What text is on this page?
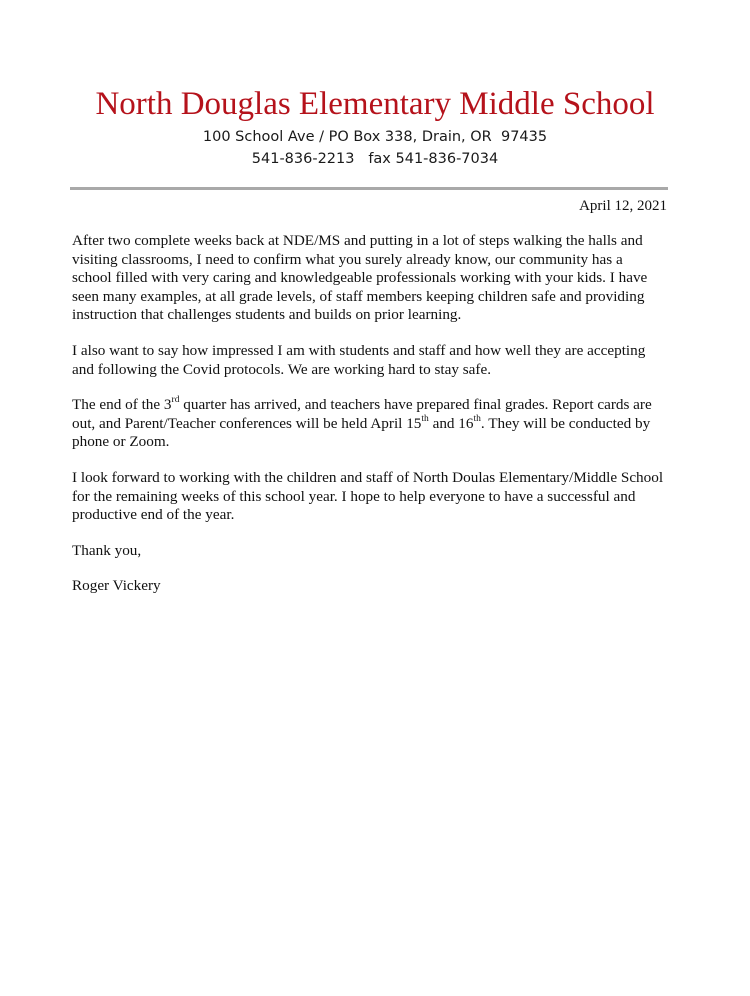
North Douglas Elementary Middle School
100 School Ave / PO Box 338, Drain, OR  97435
541-836-2213 fax 541-836-7034
April 12, 2021

After two complete weeks back at NDE/MS and putting in a lot of steps walking the halls and
visiting classrooms, I need to confirm what you surely already know, our community has a
school filled with very caring and knowledgeable professionals working with your kids. I have
seen many examples, at all grade levels, of staff members keeping children safe and providing
instruction that challenges students and builds on prior learning.

I also want to say how impressed I am with students and staff and how well they are accepting
and following the Covid protocols. We are working hard to stay safe.

The end of the 3rd quarter has arrived, and teachers have prepared final grades. Report cards are
out, and Parent/Teacher conferences will be held April 15th and 16th. They will be conducted by
phone or Zoom.

I look forward to working with the children and staff of North Doulas Elementary/Middle School
for the remaining weeks of this school year. I hope to help everyone to have a successful and
productive end of the year.

Thank you,

Roger Vickery
